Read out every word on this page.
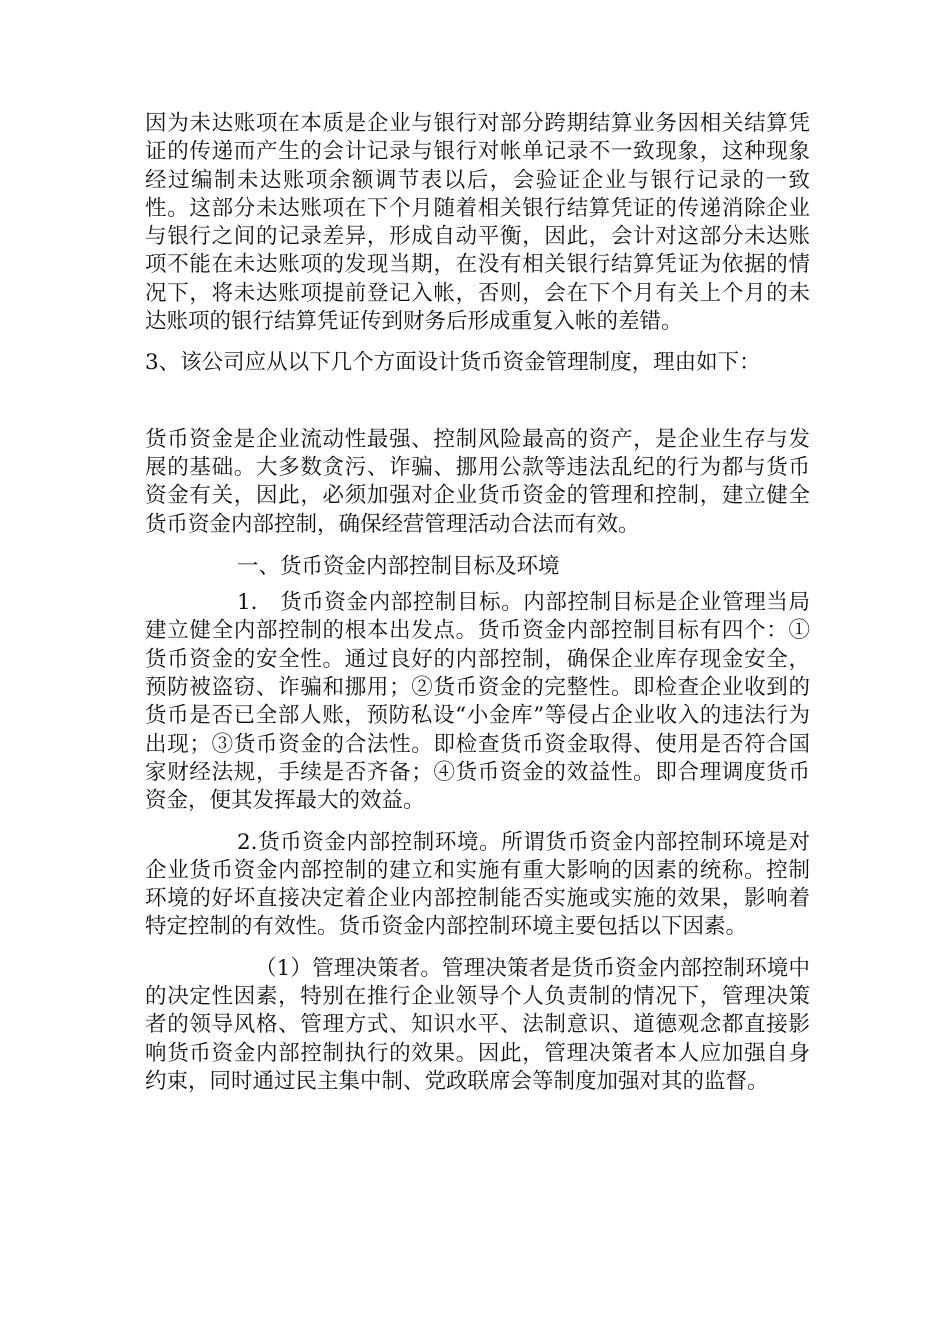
因为未达账项在本质是企业与银行对部分跨期结算业务因相关结算凭证的传递而产生的会计记录与银行对帐单记录不一致现象，这种现象经过编制未达账项余额调节表以后，会验证企业与银行记录的一致性。这部分未达账项在下个月随着相关银行结算凭证的传递消除企业与银行之间的记录差异，形成自动平衡，因此，会计对这部分未达账项不能在未达账项的发现当期，在没有相关银行结算凭证为依据的情况下，将未达账项提前登记入帐，否则，会在下个月有关上个月的未达账项的银行结算凭证传到财务后形成重复入帐的差错。

3、该公司应从以下几个方面设计货币资金管理制度，理由如下：

货币资金是企业流动性最强、控制风险最高的资产，是企业生存与发展的基础。大多数贪污、诈骗、挪用公款等违法乱纪的行为都与货币资金有关，因此，必须加强对企业货币资金的管理和控制，建立健全货币资金内部控制，确保经营管理活动合法而有效。

一、货币资金内部控制目标及环境

1.　货币资金内部控制目标。内部控制目标是企业管理当局建立健全内部控制的根本出发点。货币资金内部控制目标有四个：①货币资金的安全性。通过良好的内部控制，确保企业库存现金安全，预防被盗窃、诈骗和挪用；②货币资金的完整性。即检查企业收到的货币是否已全部人账，预防私设“小金库”等侵占企业收入的违法行为出现；③货币资金的合法性。即检查货币资金取得、使用是否符合国家财经法规，手续是否齐备；④货币资金的效益性。即合理调度货币资金，便其发挥最大的效益。

2.货币资金内部控制环境。所谓货币资金内部控制环境是对企业货币资金内部控制的建立和实施有重大影响的因素的统称。控制环境的好坏直接决定着企业内部控制能否实施或实施的效果，影响着特定控制的有效性。货币资金内部控制环境主要包括以下因素。

（1）管理决策者。管理决策者是货币资金内部控制环境中的决定性因素，特别在推行企业领导个人负责制的情况下，管理决策者的领导风格、管理方式、知识水平、法制意识、道德观念都直接影响货币资金内部控制执行的效果。因此，管理决策者本人应加强自身约束，同时通过民主集中制、党政联席会等制度加强对其的监督。
